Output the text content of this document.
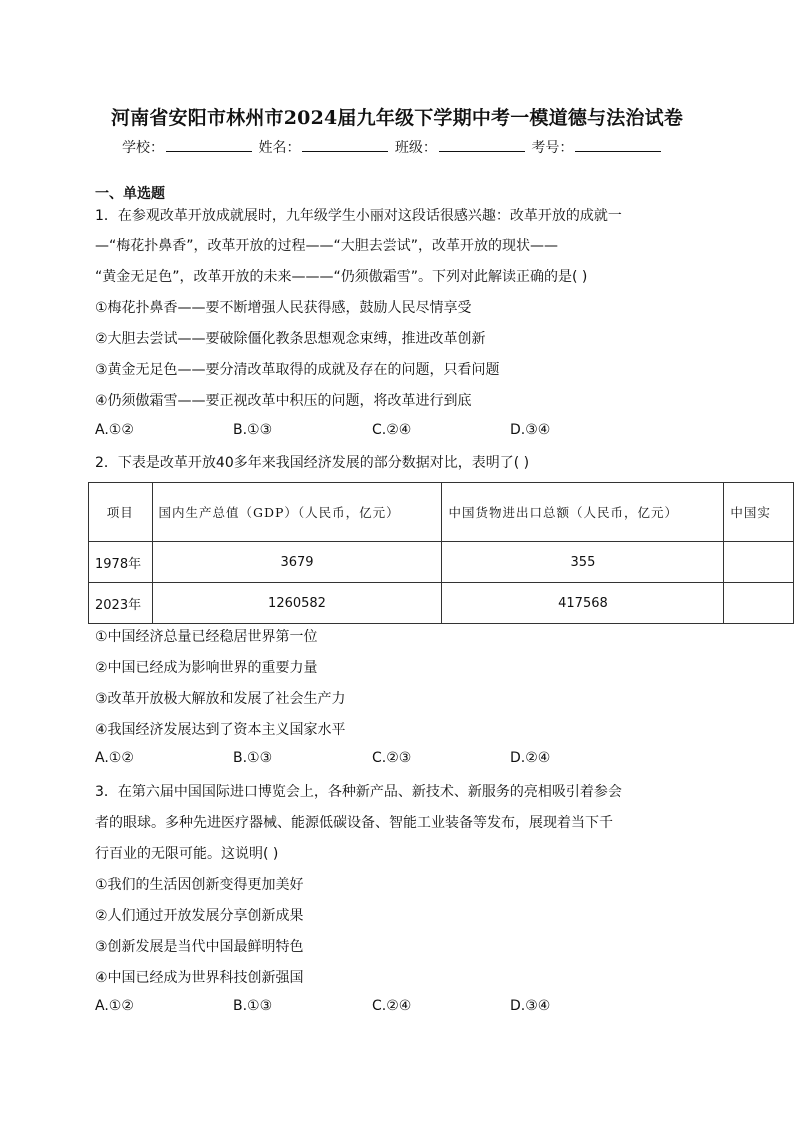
河南省安阳市林州市2024届九年级下学期中考一模道德与法治试卷
学校：	姓名：	班级：	考号：
一、单选题
1．在参观改革开放成就展时，九年级学生小丽对这段话很感兴趣：改革开放的成就一
—“梅花扑鼻香”，改革开放的过程——“大胆去尝试”，改革开放的现状——
“黄金无足色”，改革开放的未来———“仍须傲霜雪”。下列对此解读正确的是( )
①梅花扑鼻香——要不断增强人民获得感，鼓励人民尽情享受
②大胆去尝试——要破除僵化教条思想观念束缚，推进改革创新
③黄金无足色——要分清改革取得的成就及存在的问题，只看问题
④仍须傲霜雪——要正视改革中积压的问题，将改革进行到底
A.①②	B.①③	C.②④	D.③④
2．下表是改革开放40多年来我国经济发展的部分数据对比，表明了( )
项目	国内生产总值（GDP）（人民币，亿元）	中国货物进出口总额（人民币，亿元）	中国实
1978年	3679	355	
2023年	1260582	417568	
①中国经济总量已经稳居世界第一位
②中国已经成为影响世界的重要力量
③改革开放极大解放和发展了社会生产力
④我国经济发展达到了资本主义国家水平
A.①②	B.①③	C.②③	D.②④
3．在第六届中国国际进口博览会上，各种新产品、新技术、新服务的亮相吸引着参会
者的眼球。多种先进医疗器械、能源低碳设备、智能工业装备等发布，展现着当下千
行百业的无限可能。这说明( )
①我们的生活因创新变得更加美好
②人们通过开放发展分享创新成果
③创新发展是当代中国最鲜明特色
④中国已经成为世界科技创新强国
A.①②	B.①③	C.②④	D.③④
